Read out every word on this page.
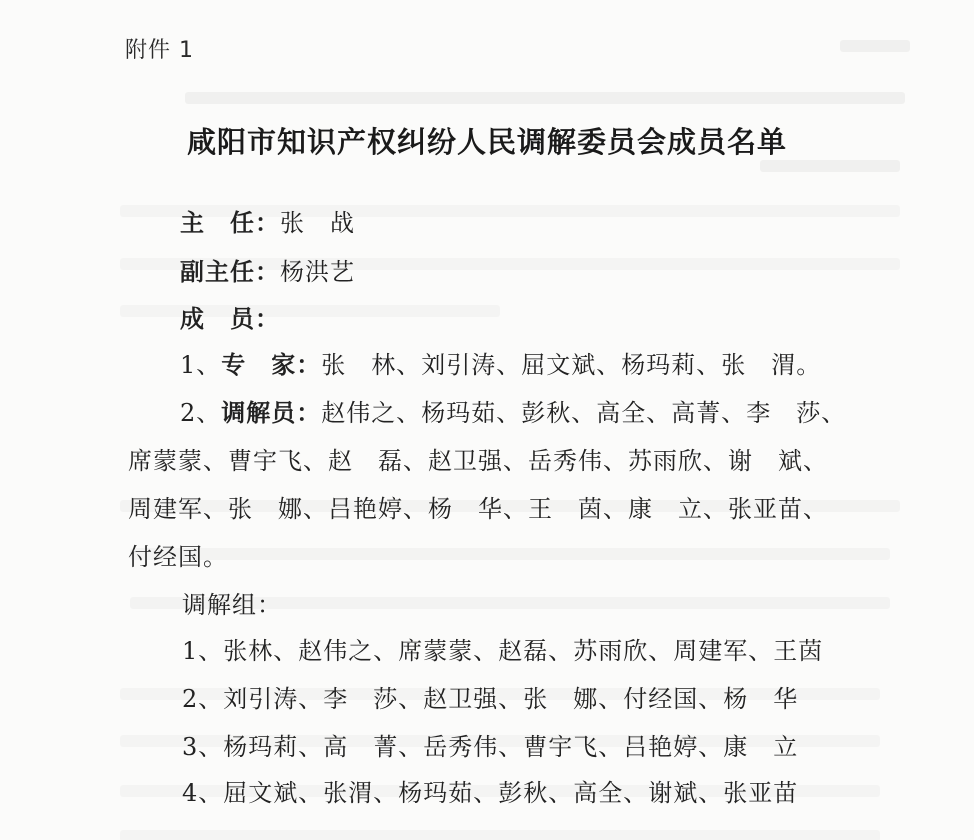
附件 1
咸阳市知识产权纠纷人民调解委员会成员名单
主　任：张　战
副主任：杨洪艺
成　员：
1、专　家：张　林、刘引涛、屈文斌、杨玛莉、张　渭。
2、调解员：赵伟之、杨玛茹、彭秋、高全、高菁、李　莎、
席蒙蒙、曹宇飞、赵　磊、赵卫强、岳秀伟、苏雨欣、谢　斌、
周建军、张　娜、吕艳婷、杨　华、王　茵、康　立、张亚苗、
付经国。
调解组：
1、张林、赵伟之、席蒙蒙、赵磊、苏雨欣、周建军、王茵
2、刘引涛、李　莎、赵卫强、张　娜、付经国、杨　华
3、杨玛莉、高　菁、岳秀伟、曹宇飞、吕艳婷、康　立
4、屈文斌、张渭、杨玛茹、彭秋、高全、谢斌、张亚苗
